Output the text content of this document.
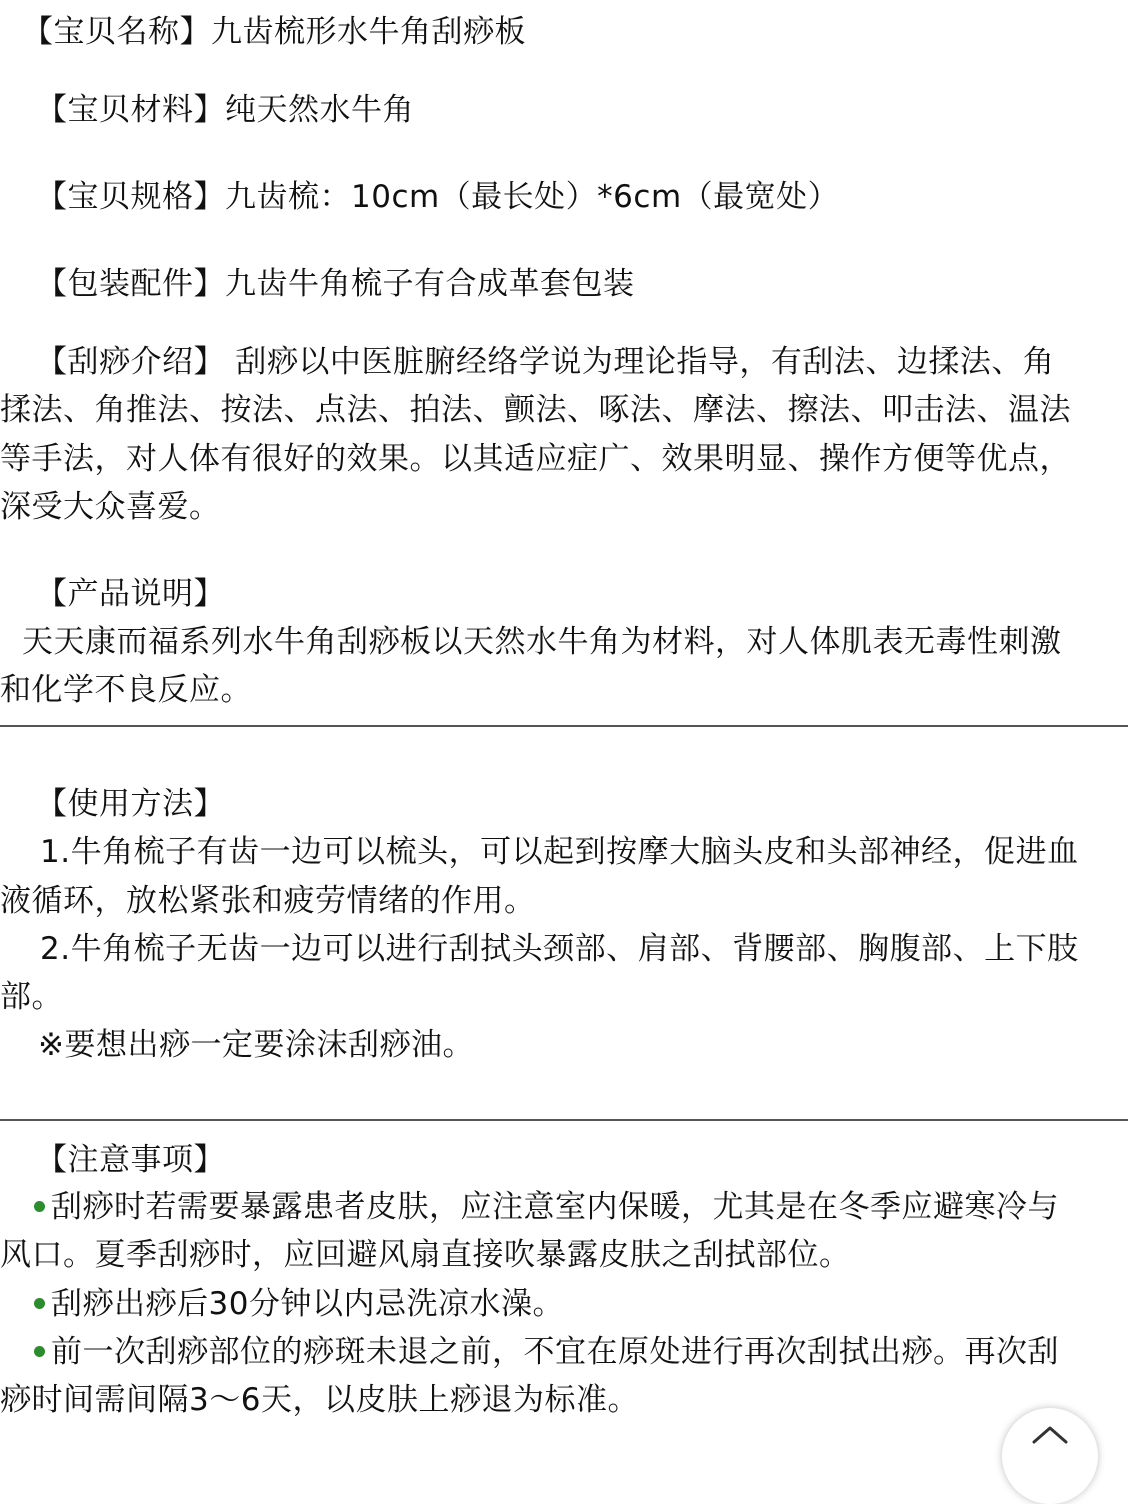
【宝贝名称】九齿梳形水牛角刮痧板
【宝贝材料】纯天然水牛角
【宝贝规格】九齿梳：10cm（最长处）*6cm（最宽处）
【包装配件】九齿牛角梳子有合成革套包装
【刮痧介绍】 刮痧以中医脏腑经络学说为理论指导，有刮法、边揉法、角
揉法、角推法、按法、点法、拍法、颤法、啄法、摩法、擦法、叩击法、温法
等手法，对人体有很好的效果。以其适应症广、效果明显、操作方便等优点，
深受大众喜爱。
【产品说明】
天天康而福系列水牛角刮痧板以天然水牛角为材料，对人体肌表无毒性刺激
和化学不良反应。
【使用方法】
1.牛角梳子有齿一边可以梳头，可以起到按摩大脑头皮和头部神经，促进血
液循环，放松紧张和疲劳情绪的作用。
2.牛角梳子无齿一边可以进行刮拭头颈部、肩部、背腰部、胸腹部、上下肢
部。
※要想出痧一定要涂沫刮痧油。
【注意事项】
刮痧时若需要暴露患者皮肤，应注意室内保暖，尤其是在冬季应避寒冷与
风口。夏季刮痧时，应回避风扇直接吹暴露皮肤之刮拭部位。
刮痧出痧后30分钟以内忌洗凉水澡。
前一次刮痧部位的痧斑未退之前，不宜在原处进行再次刮拭出痧。再次刮
痧时间需间隔3～6天，以皮肤上痧退为标准。
